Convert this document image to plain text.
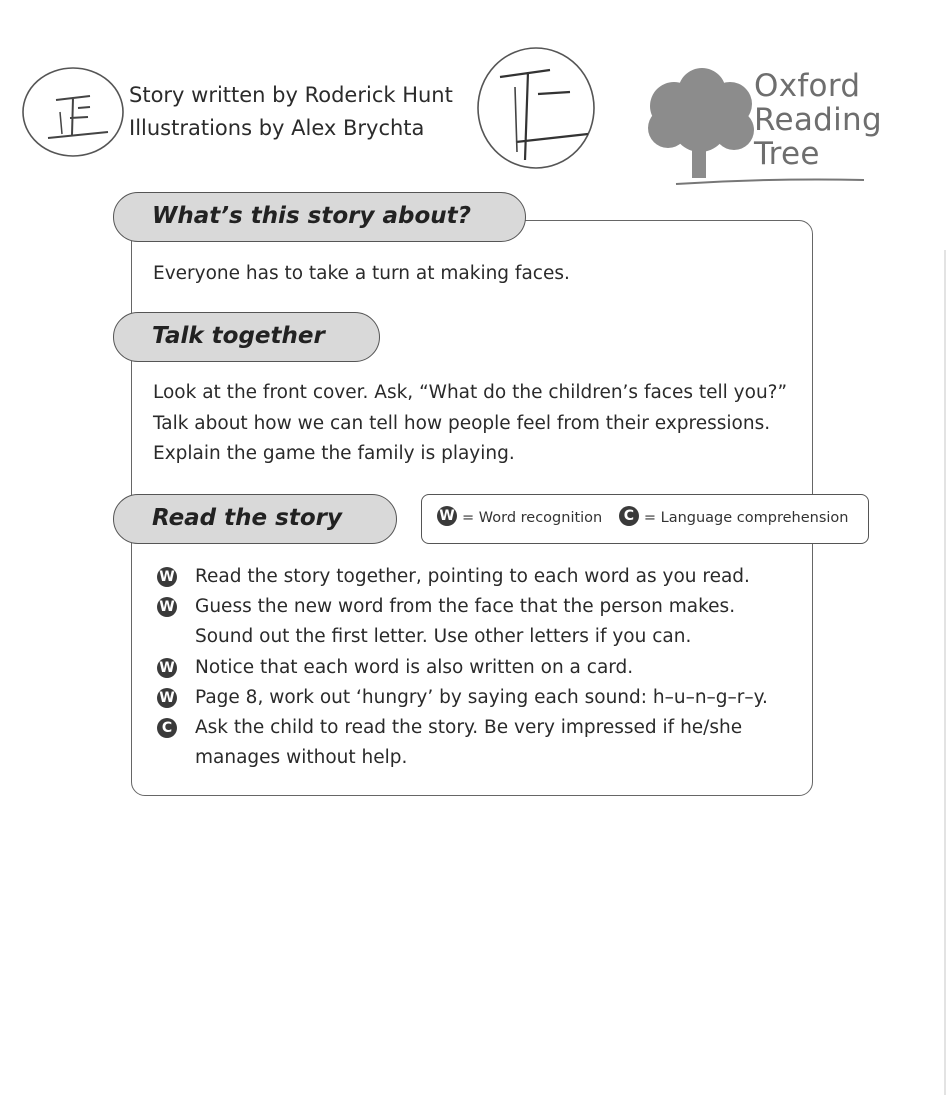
Story written by Roderick Hunt
Illustrations by Alex Brychta
Oxford
Reading
Tree
What’s this story about?
Everyone has to take a turn at making faces.
Talk together
Look at the front cover. Ask, “What do the children’s faces tell you?”
Talk about how we can tell how people feel from their expressions.
Explain the game the family is playing.
Read the story	W = Word recognition C = Language comprehension
W Read the story together, pointing to each word as you read.
W Guess the new word from the face that the person makes.
Sound out the first letter. Use other letters if you can.
W Notice that each word is also written on a card.
W Page 8, work out ‘hungry’ by saying each sound: h–u–n–g–r–y.
C Ask the child to read the story. Be very impressed if he/she
manages without help.
